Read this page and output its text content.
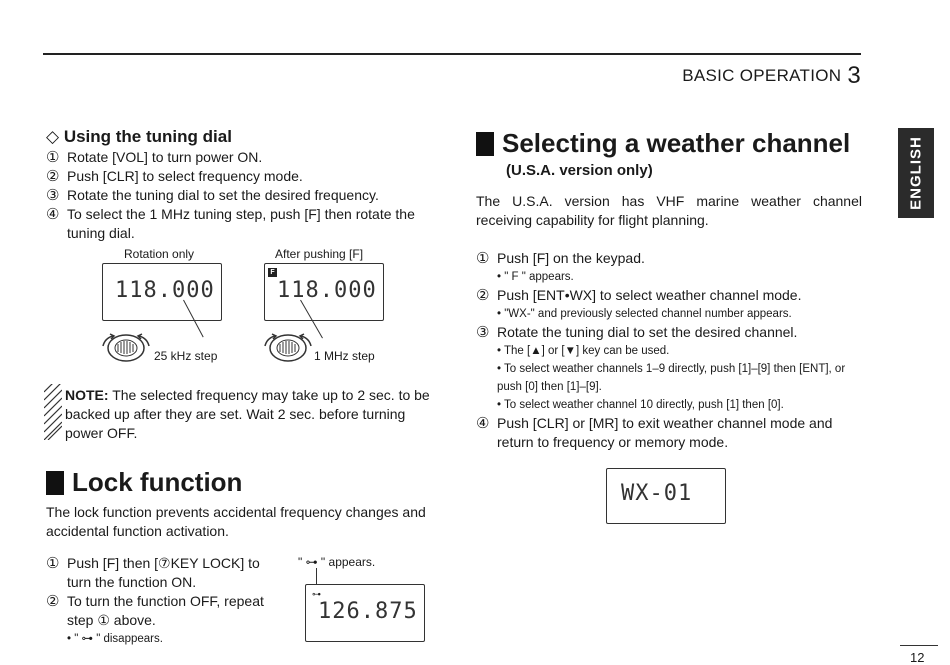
BASIC OPERATION 3
ENGLISH
◇ Using the tuning dial
① Rotate [VOL] to turn power ON.
② Push [CLR] to select frequency mode.
③ Rotate the tuning dial to set the desired frequency.
④ To select the 1 MHz tuning step, push [F] then rotate the tuning dial.
Rotation only	After pushing [F]
118.000
25 kHz step
F
118.000
1 MHz step
NOTE: The selected frequency may take up to 2 sec. to be backed up after they are set. Wait 2 sec. before turning power OFF.
Lock function
The lock function prevents accidental frequency changes and accidental function activation.
① Push [F] then [⑦KEY LOCK] to turn the function ON.
② To turn the function OFF, repeat step ① above.
• " ⊶ " disappears.
" ⊶ " appears.
⊶
126.875
Selecting a weather channel
(U.S.A. version only)
The U.S.A. version has VHF marine weather channel receiving capability for flight planning.
① Push [F] on the keypad.
• " F " appears.
② Push [ENT•WX] to select weather channel mode.
• "WX-" and previously selected channel number appears.
③ Rotate the tuning dial to set the desired channel.
• The [▲] or [▼] key can be used.
• To select weather channels 1–9 directly, push [1]–[9] then [ENT], or push [0] then [1]–[9].
• To select weather channel 10 directly, push [1] then [0].
④ Push [CLR] or [MR] to exit weather channel mode and return to frequency or memory mode.
WX-01
12
